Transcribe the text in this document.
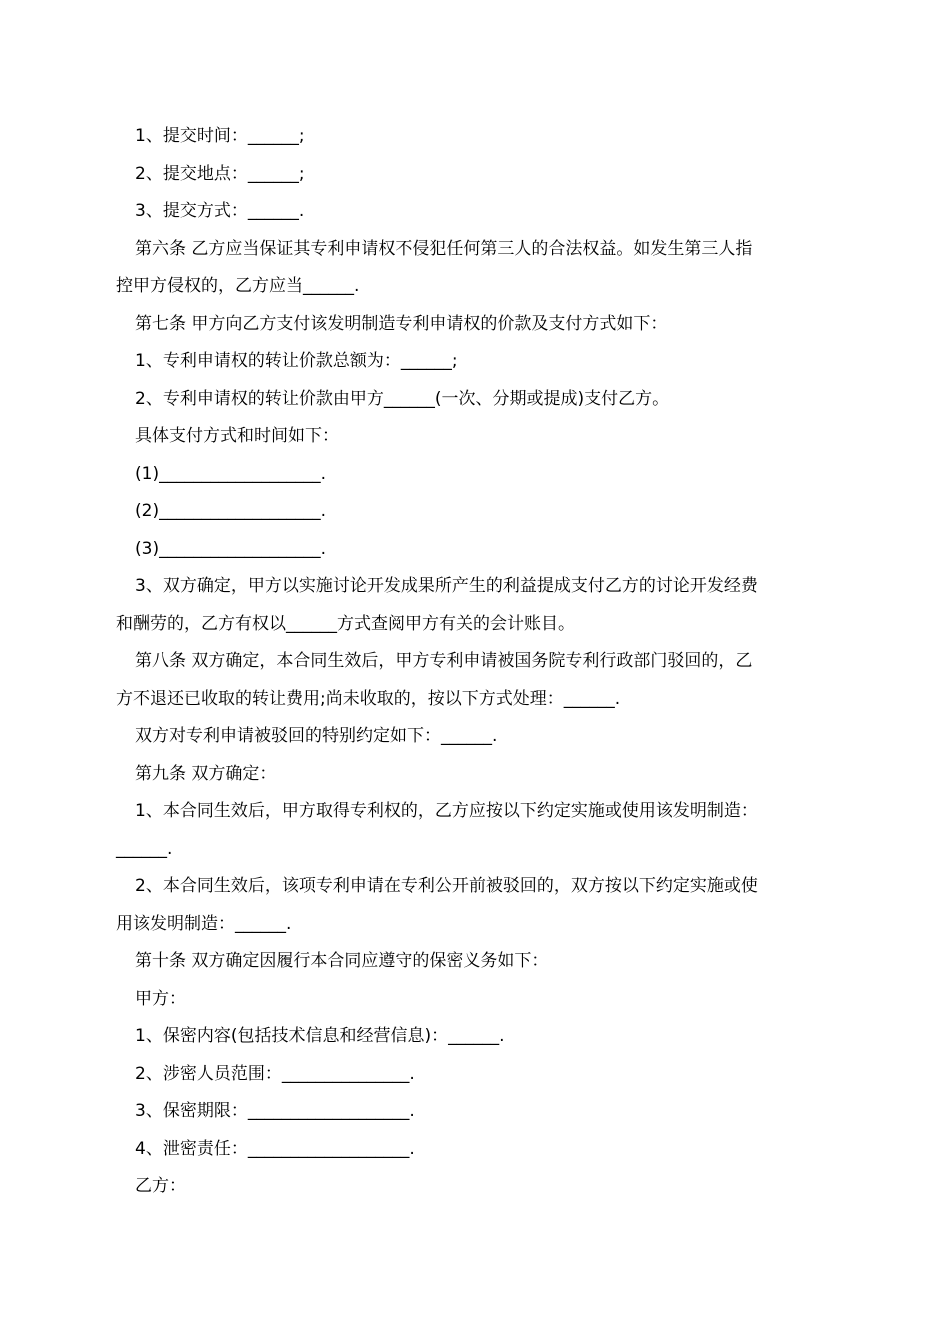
1、提交时间：______;
2、提交地点：______;
3、提交方式：______.
第六条 乙方应当保证其专利申请权不侵犯任何第三人的合法权益。如发生第三人指
控甲方侵权的，乙方应当______.
第七条 甲方向乙方支付该发明制造专利申请权的价款及支付方式如下：
1、专利申请权的转让价款总额为：______;
2、专利申请权的转让价款由甲方______(一次、分期或提成)支付乙方。
具体支付方式和时间如下：
(1)___________________.
(2)___________________.
(3)___________________.
3、双方确定，甲方以实施讨论开发成果所产生的利益提成支付乙方的讨论开发经费
和酬劳的，乙方有权以______方式查阅甲方有关的会计账目。
第八条 双方确定，本合同生效后，甲方专利申请被国务院专利行政部门驳回的，乙
方不退还已收取的转让费用;尚未收取的，按以下方式处理：______.
双方对专利申请被驳回的特别约定如下：______.
第九条 双方确定：
1、本合同生效后，甲方取得专利权的，乙方应按以下约定实施或使用该发明制造：
______.
2、本合同生效后，该项专利申请在专利公开前被驳回的，双方按以下约定实施或使
用该发明制造：______.
第十条 双方确定因履行本合同应遵守的保密义务如下：
甲方：
1、保密内容(包括技术信息和经营信息)：______.
2、涉密人员范围：_______________.
3、保密期限：___________________.
4、泄密责任：___________________.
乙方：
